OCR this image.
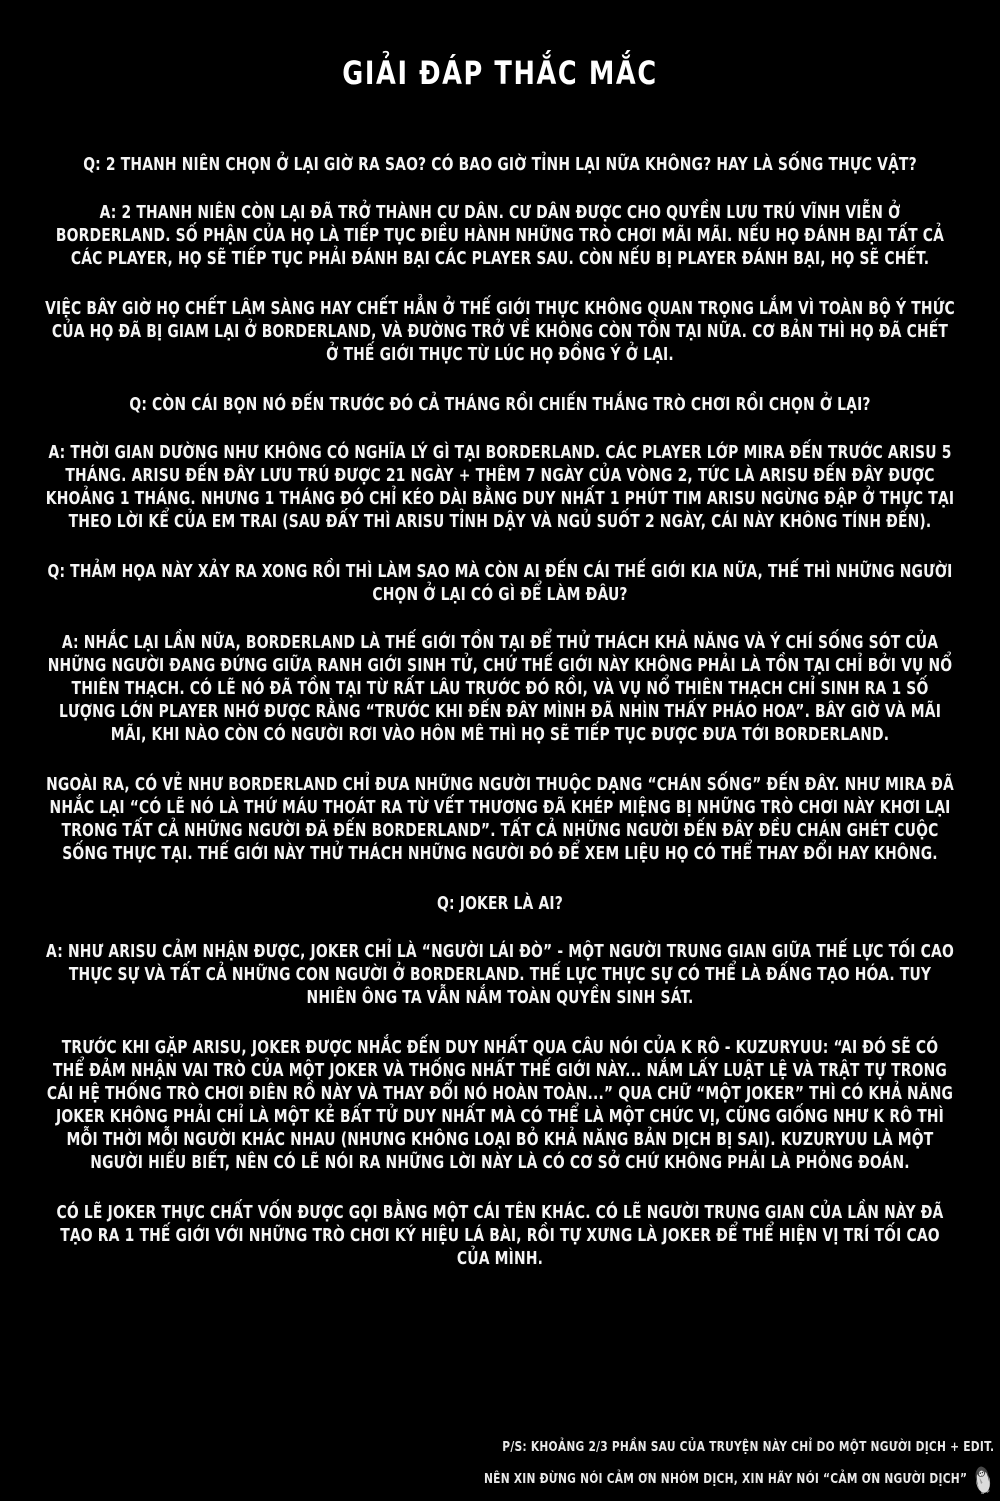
GIẢI ĐÁP THẮC MẮC

Q: 2 THANH NIÊN CHỌN Ở LẠI GIỜ RA SAO? CÓ BAO GIỜ TỈNH LẠI NỮA KHÔNG? HAY LÀ SỐNG THỰC VẬT?

A: 2 THANH NIÊN CÒN LẠI ĐÃ TRỞ THÀNH CƯ DÂN. CƯ DÂN ĐƯỢC CHO QUYỀN LƯU TRÚ VĨNH VIỄN Ở BORDERLAND. SỐ PHẬN CỦA HỌ LÀ TIẾP TỤC ĐIỀU HÀNH NHỮNG TRÒ CHƠI MÃI MÃI. NẾU HỌ ĐÁNH BẠI TẤT CẢ CÁC PLAYER, HỌ SẼ TIẾP TỤC PHẢI ĐÁNH BẠI CÁC PLAYER SAU. CÒN NẾU BỊ PLAYER ĐÁNH BẠI, HỌ SẼ CHẾT.

VIỆC BÂY GIỜ HỌ CHẾT LÂM SÀNG HAY CHẾT HẲN Ở THẾ GIỚI THỰC KHÔNG QUAN TRỌNG LẮM VÌ TOÀN BỘ Ý THỨC CỦA HỌ ĐÃ BỊ GIAM LẠI Ở BORDERLAND, VÀ ĐƯỜNG TRỞ VỀ KHÔNG CÒN TỒN TẠI NỮA. CƠ BẢN THÌ HỌ ĐÃ CHẾT Ở THẾ GIỚI THỰC TỪ LÚC HỌ ĐỒNG Ý Ở LẠI.

Q: CÒN CÁI BỌN NÓ ĐẾN TRƯỚC ĐÓ CẢ THÁNG RỒI CHIẾN THẮNG TRÒ CHƠI RỒI CHỌN Ở LẠI?

A: THỜI GIAN DƯỜNG NHƯ KHÔNG CÓ NGHĨA LÝ GÌ TẠI BORDERLAND. CÁC PLAYER LỚP MIRA ĐẾN TRƯỚC ARISU 5 THÁNG. ARISU ĐẾN ĐÂY LƯU TRÚ ĐƯỢC 21 NGÀY + THÊM 7 NGÀY CỦA VÒNG 2, TỨC LÀ ARISU ĐẾN ĐÂY ĐƯỢC KHOẢNG 1 THÁNG. NHƯNG 1 THÁNG ĐÓ CHỈ KÉO DÀI BẰNG DUY NHẤT 1 PHÚT TIM ARISU NGỪNG ĐẬP Ở THỰC TẠI THEO LỜI KỂ CỦA EM TRAI (SAU ĐẤY THÌ ARISU TỈNH DẬY VÀ NGỦ SUỐT 2 NGÀY, CÁI NÀY KHÔNG TÍNH ĐẾN).

Q: THẢM HỌA NÀY XẢY RA XONG RỒI THÌ LÀM SAO MÀ CÒN AI ĐẾN CÁI THẾ GIỚI KIA NỮA, THẾ THÌ NHỮNG NGƯỜI CHỌN Ở LẠI CÓ GÌ ĐỂ LÀM ĐÂU?

A: NHẮC LẠI LẦN NỮA, BORDERLAND LÀ THẾ GIỚI TỒN TẠI ĐỂ THỬ THÁCH KHẢ NĂNG VÀ Ý CHÍ SỐNG SÓT CỦA NHỮNG NGƯỜI ĐANG ĐỨNG GIỮA RANH GIỚI SINH TỬ, CHỨ THẾ GIỚI NÀY KHÔNG PHẢI LÀ TỒN TẠI CHỈ BỞI VỤ NỔ THIÊN THẠCH. CÓ LẼ NÓ ĐÃ TỒN TẠI TỪ RẤT LÂU TRƯỚC ĐÓ RỒI, VÀ VỤ NỔ THIÊN THẠCH CHỈ SINH RA 1 SỐ LƯỢNG LỚN PLAYER NHỚ ĐƯỢC RẰNG “TRƯỚC KHI ĐẾN ĐÂY MÌNH ĐÃ NHÌN THẤY PHÁO HOA”. BÂY GIỜ VÀ MÃI MÃI, KHI NÀO CÒN CÓ NGƯỜI RƠI VÀO HÔN MÊ THÌ HỌ SẼ TIẾP TỤC ĐƯỢC ĐƯA TỚI BORDERLAND.

NGOÀI RA, CÓ VẺ NHƯ BORDERLAND CHỈ ĐƯA NHỮNG NGƯỜI THUỘC DẠNG “CHÁN SỐNG” ĐẾN ĐÂY. NHƯ MIRA ĐÃ NHẮC LẠI “CÓ LẼ NÓ LÀ THỨ MÁU THOÁT RA TỪ VẾT THƯƠNG ĐÃ KHÉP MIỆNG BỊ NHỮNG TRÒ CHƠI NÀY KHƠI LẠI TRONG TẤT CẢ NHỮNG NGƯỜI ĐÃ ĐẾN BORDERLAND”. TẤT CẢ NHỮNG NGƯỜI ĐẾN ĐÂY ĐỀU CHÁN GHÉT CUỘC SỐNG THỰC TẠI. THẾ GIỚI NÀY THỬ THÁCH NHỮNG NGƯỜI ĐÓ ĐỂ XEM LIỆU HỌ CÓ THỂ THAY ĐỔI HAY KHÔNG.

Q: JOKER LÀ AI?

A: NHƯ ARISU CẢM NHẬN ĐƯỢC, JOKER CHỈ LÀ “NGƯỜI LÁI ĐÒ” - MỘT NGƯỜI TRUNG GIAN GIỮA THẾ LỰC TỐI CAO THỰC SỰ VÀ TẤT CẢ NHỮNG CON NGƯỜI Ở BORDERLAND. THẾ LỰC THỰC SỰ CÓ THỂ LÀ ĐẤNG TẠO HÓA. TUY NHIÊN ÔNG TA VẪN NẮM TOÀN QUYỀN SINH SÁT.

TRƯỚC KHI GẶP ARISU, JOKER ĐƯỢC NHẮC ĐẾN DUY NHẤT QUA CÂU NÓI CỦA K RÔ - KUZURYUU: “AI ĐÓ SẼ CÓ THỂ ĐẢM NHẬN VAI TRÒ CỦA MỘT JOKER VÀ THỐNG NHẤT THẾ GIỚI NÀY... NẮM LẤY LUẬT LỆ VÀ TRẬT TỰ TRONG CÁI HỆ THỐNG TRÒ CHƠI ĐIÊN RỒ NÀY VÀ THAY ĐỔI NÓ HOÀN TOÀN...” QUA CHỮ “MỘT JOKER” THÌ CÓ KHẢ NĂNG JOKER KHÔNG PHẢI CHỈ LÀ MỘT KẺ BẤT TỬ DUY NHẤT MÀ CÓ THỂ LÀ MỘT CHỨC VỊ, CŨNG GIỐNG NHƯ K RÔ THÌ MỖI THỜI MỖI NGƯỜI KHÁC NHAU (NHƯNG KHÔNG LOẠI BỎ KHẢ NĂNG BẢN DỊCH BỊ SAI). KUZURYUU LÀ MỘT NGƯỜI HIỂU BIẾT, NÊN CÓ LẼ NÓI RA NHỮNG LỜI NÀY LÀ CÓ CƠ SỞ CHỨ KHÔNG PHẢI LÀ PHỎNG ĐOÁN.

CÓ LẼ JOKER THỰC CHẤT VỐN ĐƯỢC GỌI BẰNG MỘT CÁI TÊN KHÁC. CÓ LẼ NGƯỜI TRUNG GIAN CỦA LẦN NÀY ĐÃ TẠO RA 1 THẾ GIỚI VỚI NHỮNG TRÒ CHƠI KÝ HIỆU LÁ BÀI, RỒI TỰ XƯNG LÀ JOKER ĐỂ THỂ HIỆN VỊ TRÍ TỐI CAO CỦA MÌNH.

P/S: KHOẢNG 2/3 PHẦN SAU CỦA TRUYỆN NÀY CHỈ DO MỘT NGƯỜI DỊCH + EDIT.

NÊN XIN ĐỪNG NÓI CẢM ƠN NHÓM DỊCH, XIN HÃY NÓI “CẢM ƠN NGƯỜI DỊCH”
